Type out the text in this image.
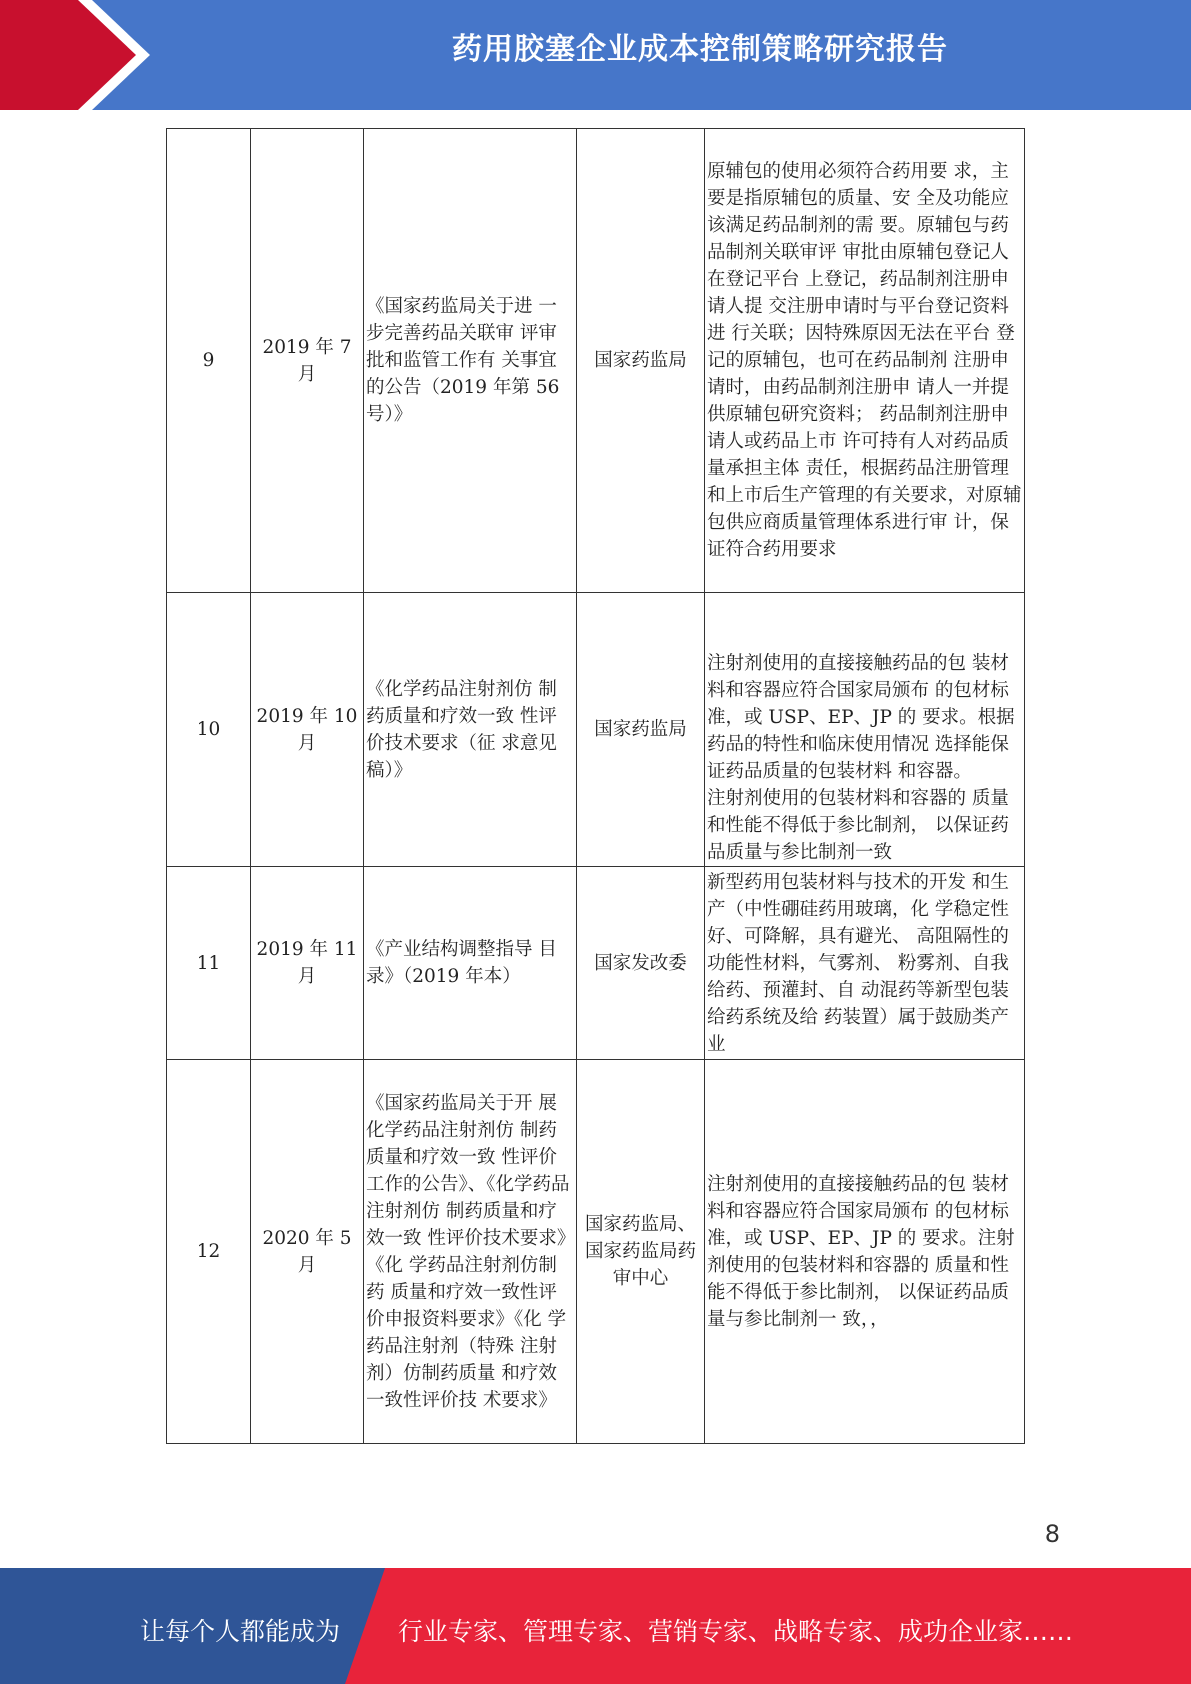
药用胶塞企业成本控制策略研究报告
9	2019 年 7 月	《国家药监局关于进 一步完善药品关联审 评审批和监管工作有 关事宜的公告（2019 年第 56 号）》	国家药监局	原辅包的使用必须符合药用要 求，主要是指原辅包的质量、安 全及功能应该满足药品制剂的需 要。原辅包与药品制剂关联审评 审批由原辅包登记人在登记平台 上登记，药品制剂注册申请人提 交注册申请时与平台登记资料进 行关联；因特殊原因无法在平台 登记的原辅包，也可在药品制剂 注册申请时，由药品制剂注册申 请人一并提供原辅包研究资料； 药品制剂注册申请人或药品上市 许可持有人对药品质量承担主体 责任，根据药品注册管理和上市后生产管理的有关要求，对原辅 包供应商质量管理体系进行审 计，保证符合药用要求
10	2019 年 10 月	《化学药品注射剂仿 制药质量和疗效一致 性评价技术要求（征 求意见稿）》	国家药监局	注射剂使用的直接接触药品的包 装材料和容器应符合国家局颁布 的包材标准，或 USP、EP、JP 的 要求。根据药品的特性和临床使用情况 选择能保证药品质量的包装材料 和容器。
注射剂使用的包装材料和容器的 质量和性能不得低于参比制剂， 以保证药品质量与参比制剂一致
11	2019 年 11 月	《产业结构调整指导 目录》（2019 年本）	国家发改委	新型药用包装材料与技术的开发 和生产（中性硼硅药用玻璃，化 学稳定性好、可降解，具有避光、 高阻隔性的功能性材料，气雾剂、 粉雾剂、自我给药、预灌封、自 动混药等新型包装给药系统及给 药装置）属于鼓励类产业
12	2020 年 5 月	《国家药监局关于开 展化学药品注射剂仿 制药质量和疗效一致 性评价工作的公告》、《化学药品注射剂仿 制药质量和疗效一致 性评价技术要求》《化 学药品注射剂仿制药 质量和疗效一致性评 价申报资料要求》《化 学药品注射剂（特殊 注射剂）仿制药质量 和疗效一致性评价技 术要求》	国家药监局、国家药监局药审中心	注射剂使用的直接接触药品的包 装材料和容器应符合国家局颁布 的包材标准，或 USP、EP、JP 的 要求。注射剂使用的包装材料和容器的 质量和性能不得低于参比制剂， 以保证药品质量与参比制剂一 致，，
8
让每个人都能成为 行业专家、管理专家、营销专家、战略专家、成功企业家……
